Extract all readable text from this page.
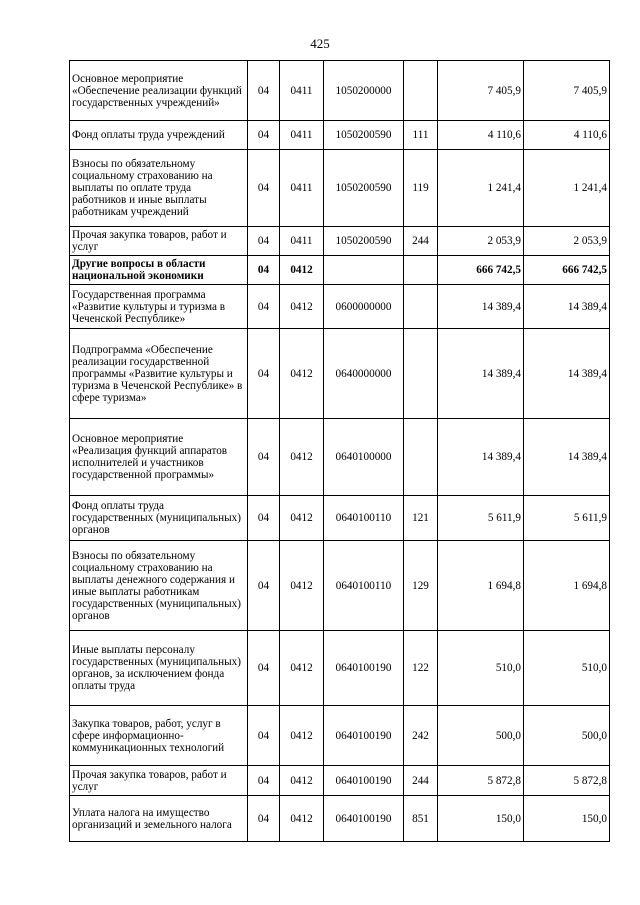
425
Основное мероприятие «Обеспечение реализации функций государственных учреждений»	04	0411	1050200000		7 405,9	7 405,9
Фонд оплаты труда учреждений	04	0411	1050200590	111	4 110,6	4 110,6
Взносы по обязательному социальному страхованию на выплаты по оплате труда работников и иные выплаты работникам учреждений	04	0411	1050200590	119	1 241,4	1 241,4
Прочая закупка товаров, работ и услуг	04	0411	1050200590	244	2 053,9	2 053,9
Другие вопросы в области национальной экономики	04	0412			666 742,5	666 742,5
Государственная программа «Развитие культуры и туризма в Чеченской Республике»	04	0412	0600000000		14 389,4	14 389,4
Подпрограмма «Обеспечение реализации государственной программы «Развитие культуры и туризма в Чеченской Республике» в сфере туризма»	04	0412	0640000000		14 389,4	14 389,4
Основное мероприятие «Реализация функций аппаратов исполнителей и участников государственной программы»	04	0412	0640100000		14 389,4	14 389,4
Фонд оплаты труда государственных (муниципальных) органов	04	0412	0640100110	121	5 611,9	5 611,9
Взносы по обязательному социальному страхованию на выплаты денежного содержания и иные выплаты работникам государственных (муниципальных) органов	04	0412	0640100110	129	1 694,8	1 694,8
Иные выплаты персоналу государственных (муниципальных) органов, за исключением фонда оплаты труда	04	0412	0640100190	122	510,0	510,0
Закупка товаров, работ, услуг в сфере информационно-коммуникационных технологий	04	0412	0640100190	242	500,0	500,0
Прочая закупка товаров, работ и услуг	04	0412	0640100190	244	5 872,8	5 872,8
Уплата налога на имущество организаций и земельного налога	04	0412	0640100190	851	150,0	150,0
